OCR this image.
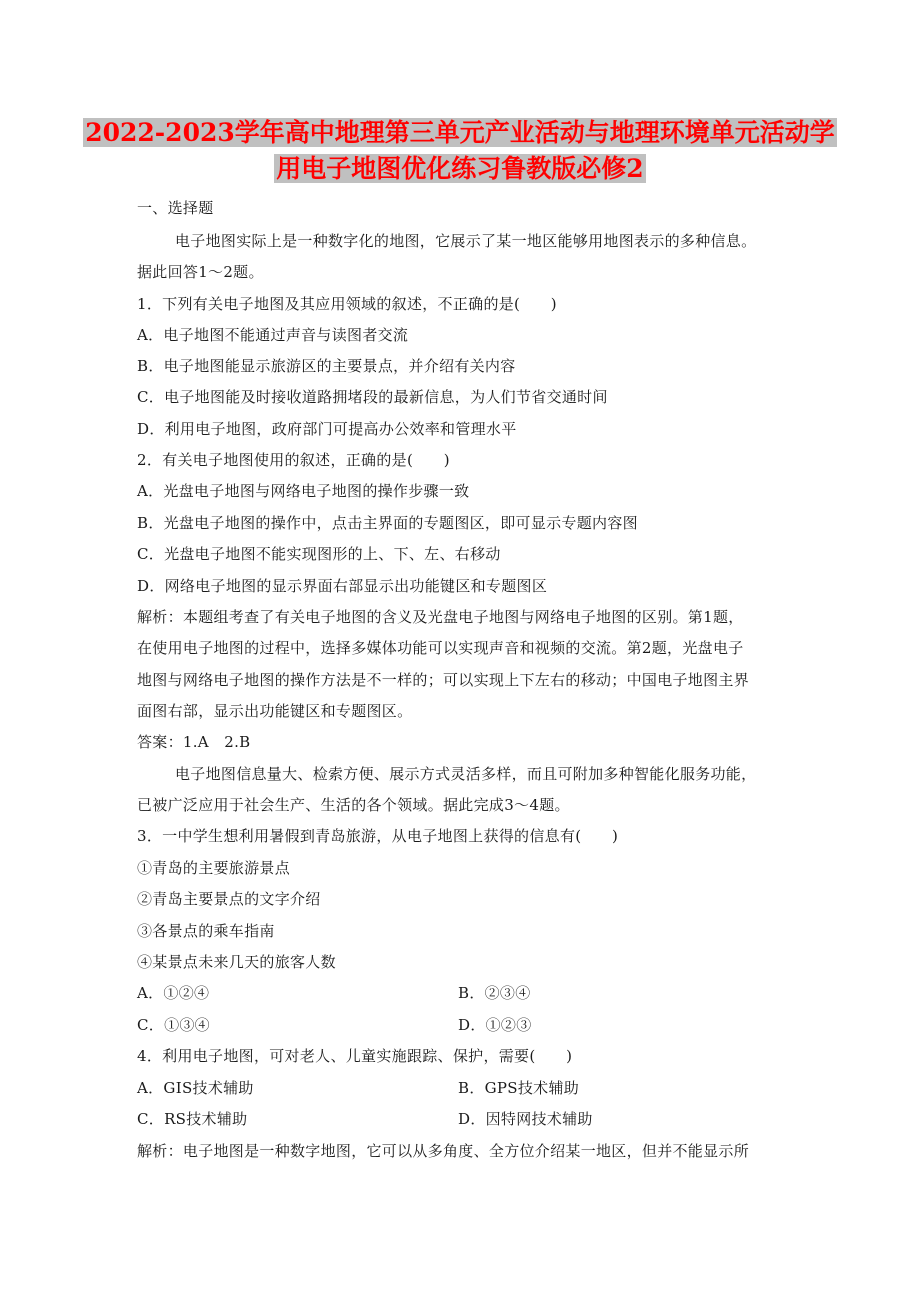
2022-2023学年高中地理第三单元产业活动与地理环境单元活动学
用电子地图优化练习鲁教版必修2
一、选择题
电子地图实际上是一种数字化的地图，它展示了某一地区能够用地图表示的多种信息。
据此回答1～2题。
1．下列有关电子地图及其应用领域的叙述，不正确的是(　　)
A．电子地图不能通过声音与读图者交流
B．电子地图能显示旅游区的主要景点，并介绍有关内容
C．电子地图能及时接收道路拥堵段的最新信息，为人们节省交通时间
D．利用电子地图，政府部门可提高办公效率和管理水平
2．有关电子地图使用的叙述，正确的是(　　)
A．光盘电子地图与网络电子地图的操作步骤一致
B．光盘电子地图的操作中，点击主界面的专题图区，即可显示专题内容图
C．光盘电子地图不能实现图形的上、下、左、右移动
D．网络电子地图的显示界面右部显示出功能键区和专题图区
解析：本题组考查了有关电子地图的含义及光盘电子地图与网络电子地图的区别。第1题，
在使用电子地图的过程中，选择多媒体功能可以实现声音和视频的交流。第2题，光盘电子
地图与网络电子地图的操作方法是不一样的；可以实现上下左右的移动；中国电子地图主界
面图右部，显示出功能键区和专题图区。
答案：1.A　2.B
电子地图信息量大、检索方便、展示方式灵活多样，而且可附加多种智能化服务功能，
已被广泛应用于社会生产、生活的各个领域。据此完成3～4题。
3．一中学生想利用暑假到青岛旅游，从电子地图上获得的信息有(　　)
①青岛的主要旅游景点
②青岛主要景点的文字介绍
③各景点的乘车指南
④某景点未来几天的旅客人数
A．①②④	B．②③④
C．①③④	D．①②③
4．利用电子地图，可对老人、儿童实施跟踪、保护，需要(　　)
A．GIS技术辅助	B．GPS技术辅助
C．RS技术辅助	D．因特网技术辅助
解析：电子地图是一种数字地图，它可以从多角度、全方位介绍某一地区，但并不能显示所
